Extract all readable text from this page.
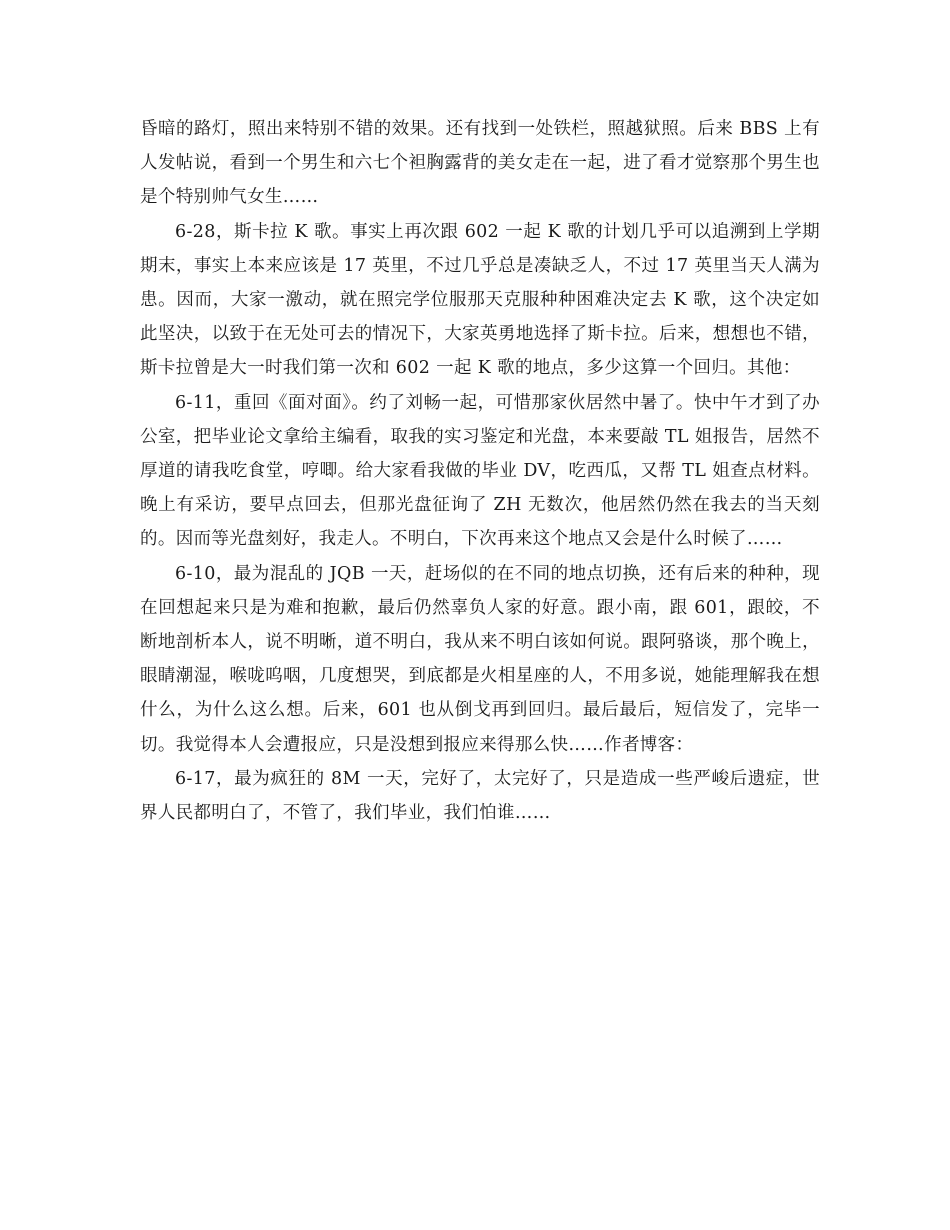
昏暗的路灯，照出来特别不错的效果。还有找到一处铁栏，照越狱照。后来 BBS 上有人发帖说，看到一个男生和六七个袒胸露背的美女走在一起，进了看才觉察那个男生也是个特别帅气女生……

6-28，斯卡拉 K 歌。事实上再次跟 602 一起 K 歌的计划几乎可以追溯到上学期期末，事实上本来应该是 17 英里，不过几乎总是凑缺乏人，不过 17 英里当天人满为患。因而，大家一激动，就在照完学位服那天克服种种困难决定去 K 歌，这个决定如此坚决，以致于在无处可去的情况下，大家英勇地选择了斯卡拉。后来，想想也不错，斯卡拉曾是大一时我们第一次和 602 一起 K 歌的地点，多少这算一个回归。其他：

6-11，重回《面对面》。约了刘畅一起，可惜那家伙居然中暑了。快中午才到了办公室，把毕业论文拿给主编看，取我的实习鉴定和光盘，本来要敲 TL 姐报告，居然不厚道的请我吃食堂，哼唧。给大家看我做的毕业 DV，吃西瓜，又帮 TL 姐查点材料。晚上有采访，要早点回去，但那光盘征询了 ZH 无数次，他居然仍然在我去的当天刻的。因而等光盘刻好，我走人。不明白，下次再来这个地点又会是什么时候了……

6-10，最为混乱的 JQB 一天，赶场似的在不同的地点切换，还有后来的种种，现在回想起来只是为难和抱歉，最后仍然辜负人家的好意。跟小南，跟 601，跟皎，不断地剖析本人，说不明晰，道不明白，我从来不明白该如何说。跟阿骆谈，那个晚上，眼睛潮湿，喉咙呜咽，几度想哭，到底都是火相星座的人，不用多说，她能理解我在想什么，为什么这么想。后来，601 也从倒戈再到回归。最后最后，短信发了，完毕一切。我觉得本人会遭报应，只是没想到报应来得那么快……作者博客：

6-17，最为疯狂的 8M 一天，完好了，太完好了，只是造成一些严峻后遗症，世界人民都明白了，不管了，我们毕业，我们怕谁……
